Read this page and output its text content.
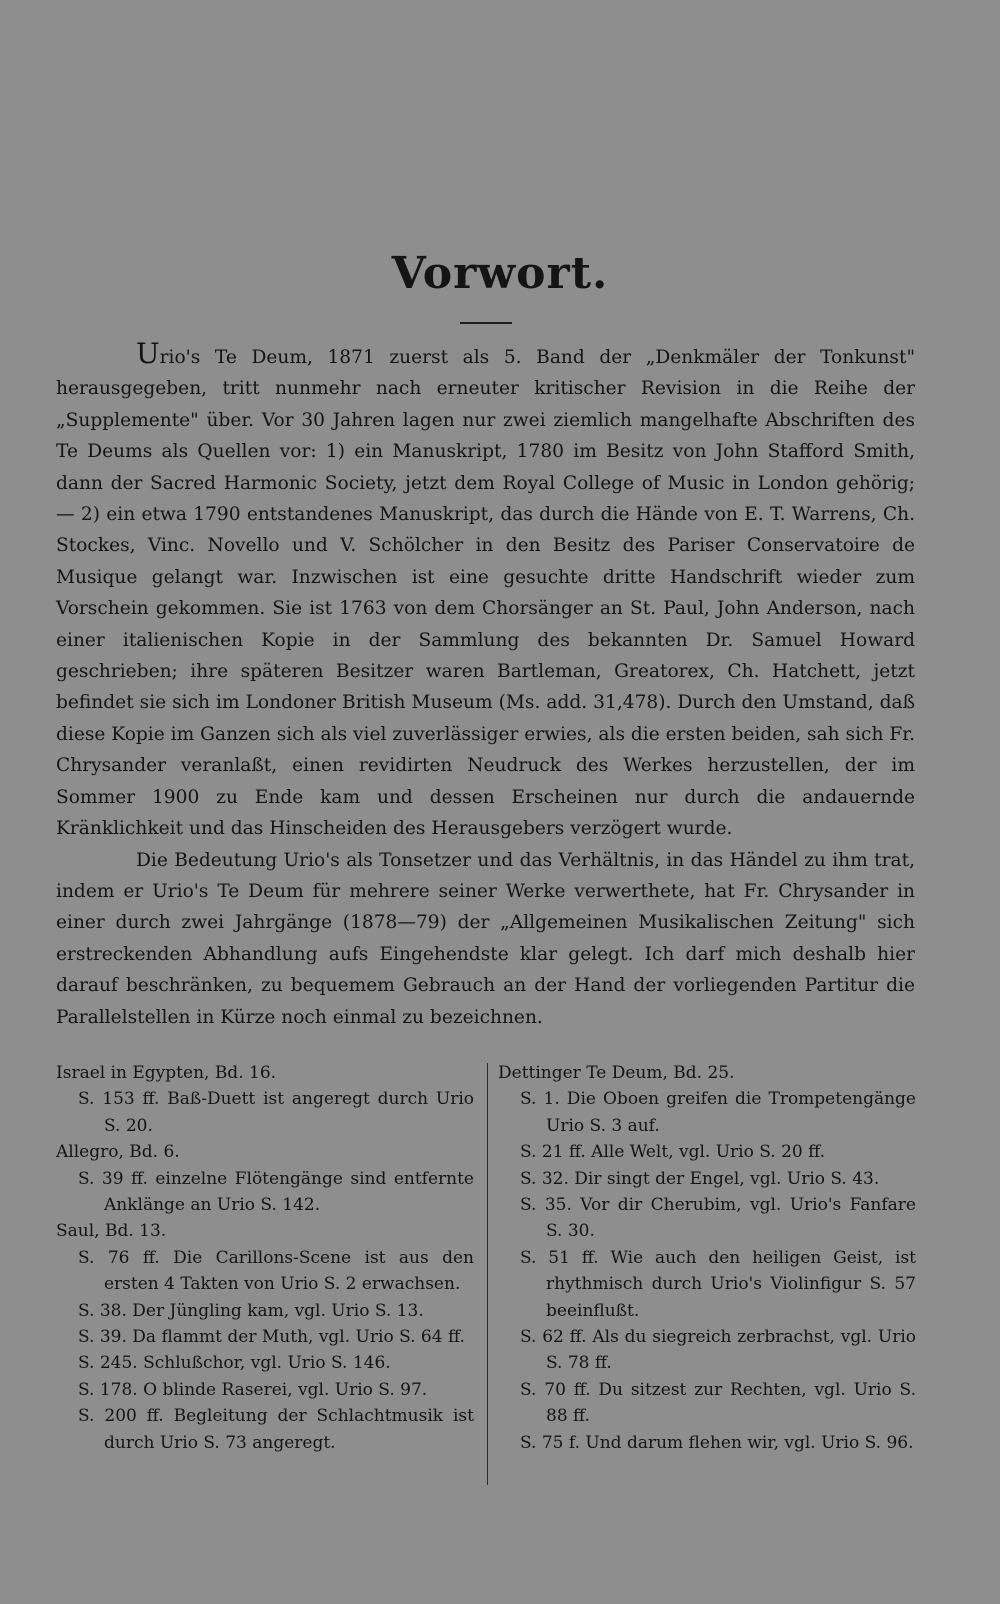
Vorwort.

Urio's Te Deum, 1871 zuerst als 5. Band der „Denkmäler der Tonkunst" herausgegeben, tritt nunmehr nach erneuter kritischer Revision in die Reihe der „Supplemente" über. Vor 30 Jahren lagen nur zwei ziemlich mangelhafte Abschriften des Te Deums als Quellen vor: 1) ein Manuskript, 1780 im Besitz von John Stafford Smith, dann der Sacred Harmonic Society, jetzt dem Royal College of Music in London gehörig; — 2) ein etwa 1790 entstandenes Manuskript, das durch die Hände von E. T. Warrens, Ch. Stockes, Vinc. Novello und V. Schölcher in den Besitz des Pariser Conservatoire de Musique gelangt war. Inzwischen ist eine gesuchte dritte Handschrift wieder zum Vorschein gekommen. Sie ist 1763 von dem Chorsänger an St. Paul, John Anderson, nach einer italienischen Kopie in der Sammlung des bekannten Dr. Samuel Howard geschrieben; ihre späteren Besitzer waren Bartleman, Greatorex, Ch. Hatchett, jetzt befindet sie sich im Londoner British Museum (Ms. add. 31,478). Durch den Umstand, daß diese Kopie im Ganzen sich als viel zuverlässiger erwies, als die ersten beiden, sah sich Fr. Chrysander veranlaßt, einen revidirten Neudruck des Werkes herzustellen, der im Sommer 1900 zu Ende kam und dessen Erscheinen nur durch die andauernde Kränklichkeit und das Hinscheiden des Herausgebers verzögert wurde.

Die Bedeutung Urio's als Tonsetzer und das Verhältnis, in das Händel zu ihm trat, indem er Urio's Te Deum für mehrere seiner Werke verwerthete, hat Fr. Chrysander in einer durch zwei Jahrgänge (1878—79) der „Allgemeinen Musikalischen Zeitung" sich erstreckenden Abhandlung aufs Eingehendste klar gelegt. Ich darf mich deshalb hier darauf beschränken, zu bequemem Gebrauch an der Hand der vorliegenden Partitur die Parallelstellen in Kürze noch einmal zu bezeichnen.

Israel in Egypten, Bd. 16.

S. 153 ff. Baß-Duett ist angeregt durch Urio S. 20.

Allegro, Bd. 6.

S. 39 ff. einzelne Flötengänge sind entfernte Anklänge an Urio S. 142.

Saul, Bd. 13.

S. 76 ff. Die Carillons-Scene ist aus den ersten 4 Takten von Urio S. 2 erwachsen.

S. 38. Der Jüngling kam, vgl. Urio S. 13.

S. 39. Da flammt der Muth, vgl. Urio S. 64 ff.

S. 245. Schlußchor, vgl. Urio S. 146.

S. 178. O blinde Raserei, vgl. Urio S. 97.

S. 200 ff. Begleitung der Schlachtmusik ist durch Urio S. 73 angeregt.

Dettinger Te Deum, Bd. 25.

S. 1. Die Oboen greifen die Trompetengänge Urio S. 3 auf.

S. 21 ff. Alle Welt, vgl. Urio S. 20 ff.

S. 32. Dir singt der Engel, vgl. Urio S. 43.

S. 35. Vor dir Cherubim, vgl. Urio's Fanfare S. 30.

S. 51 ff. Wie auch den heiligen Geist, ist rhythmisch durch Urio's Violinfigur S. 57 beeinflußt.

S. 62 ff. Als du siegreich zerbrachst, vgl. Urio S. 78 ff.

S. 70 ff. Du sitzest zur Rechten, vgl. Urio S. 88 ff.

S. 75 f. Und darum flehen wir, vgl. Urio S. 96.
